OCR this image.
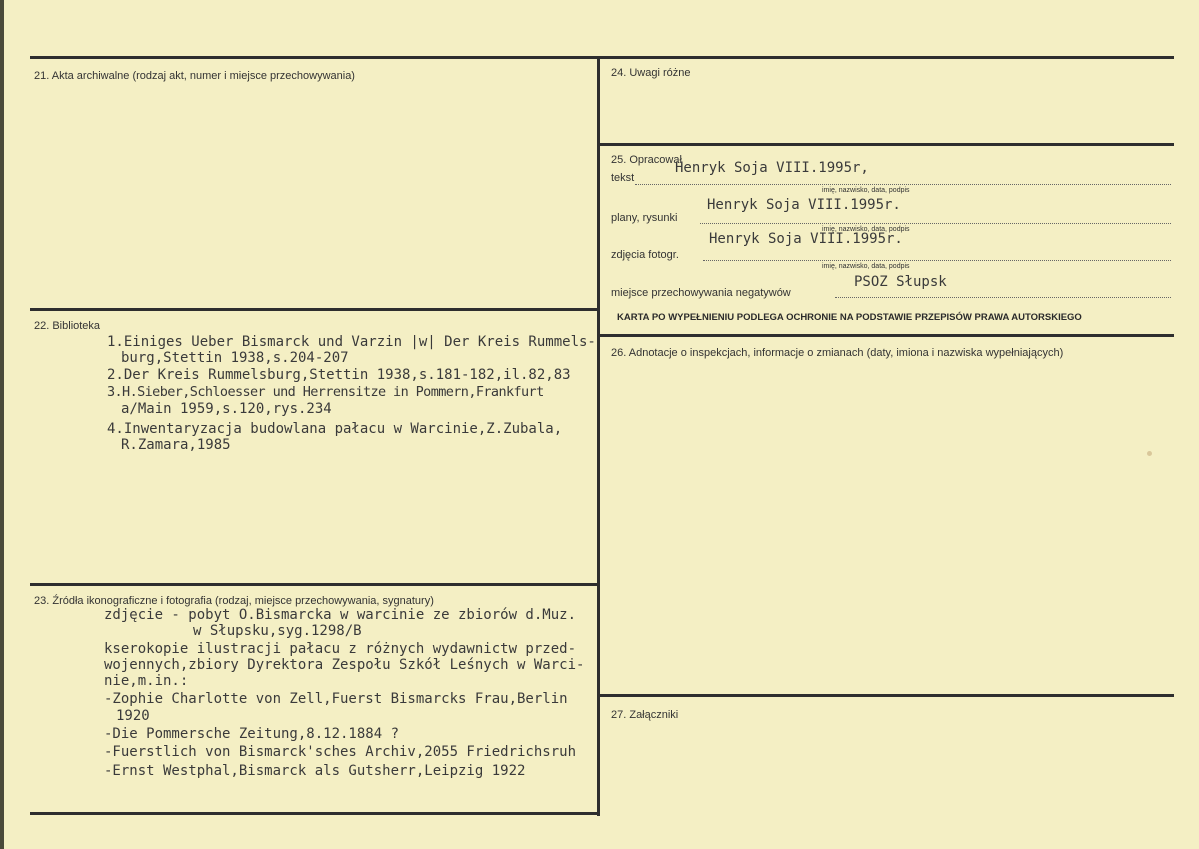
21. Akta archiwalne (rodzaj akt, numer i miejsce przechowywania)
22. Biblioteka
1.Einiges Ueber Bismarck und Varzin |w| Der Kreis Rummels-
burg,Stettin 1938,s.204-207
2.Der Kreis Rummelsburg,Stettin 1938,s.181-182,il.82,83
3.H.Sieber,Schloesser und Herrensitze in Pommern,Frankfurt
a/Main 1959,s.120,rys.234
4.Inwentaryzacja budowlana pałacu w Warcinie,Z.Zubala,
R.Zamara,1985
23. Źródła ikonograficzne i fotografia (rodzaj, miejsce przechowywania, sygnatury)
zdjęcie - pobyt O.Bismarcka w warcinie ze zbiorów d.Muz.
w Słupsku,syg.1298/B
kserokopie ilustracji pałacu z różnych wydawnictw przed-
wojennych,zbiory Dyrektora Zespołu Szkół Leśnych w Warci-
nie,m.in.:
-Zophie Charlotte von Zell,Fuerst Bismarcks Frau,Berlin
1920
-Die Pommersche Zeitung,8.12.1884 ?
-Fuerstlich von Bismarck'sches Archiv,2055 Friedrichsruh
-Ernst Westphal,Bismarck als Gutsherr,Leipzig 1922
24. Uwagi różne
25. Opracował
tekst
Henryk Soja VIII.1995r,
imię, nazwisko, data, podpis
plany, rysunki
Henryk Soja VIII.1995r.
imię, nazwisko, data, podpis
zdjęcia fotogr.
Henryk Soja VIII.1995r.
imię, nazwisko, data, podpis
miejsce przechowywania negatywów
PSOZ Słupsk
KARTA PO WYPEŁNIENIU PODLEGA OCHRONIE NA PODSTAWIE PRZEPISÓW PRAWA AUTORSKIEGO
26. Adnotacje o inspekcjach, informacje o zmianach (daty, imiona i nazwiska wypełniających)
27. Załączniki
